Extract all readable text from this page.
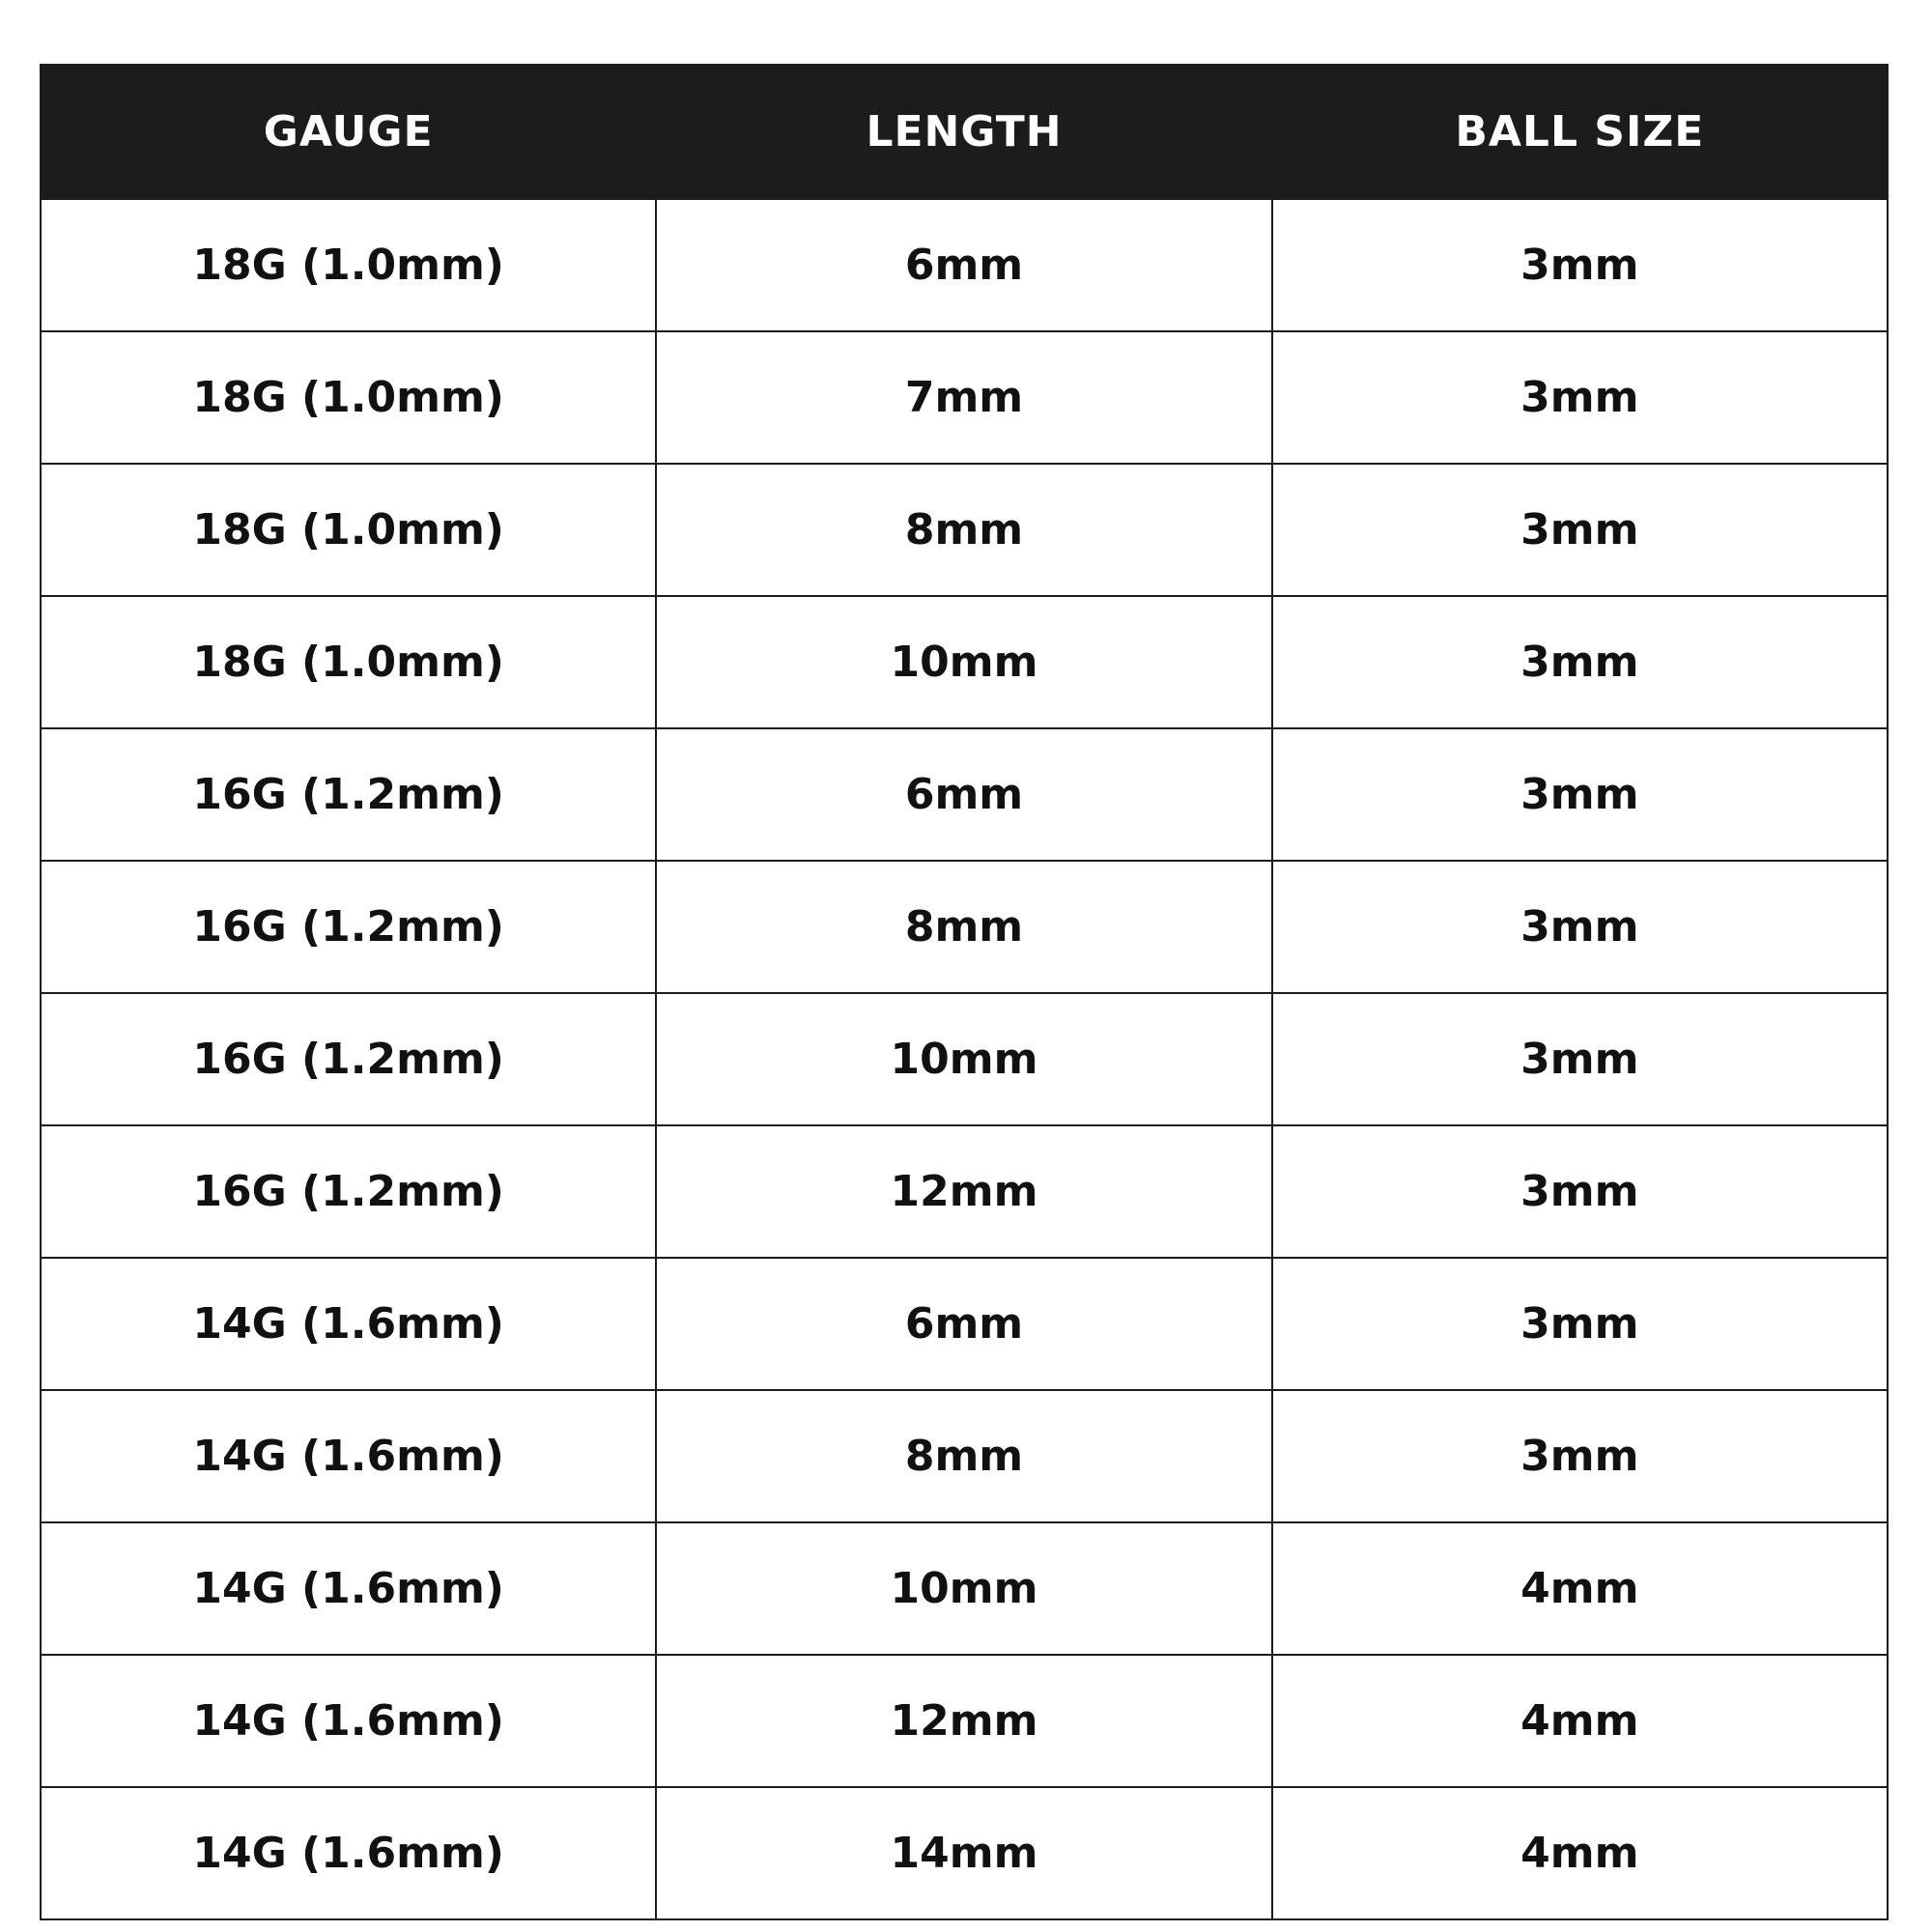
GAUGE	LENGTH	BALL SIZE
18G (1.0mm)	6mm	3mm
18G (1.0mm)	7mm	3mm
18G (1.0mm)	8mm	3mm
18G (1.0mm)	10mm	3mm
16G (1.2mm)	6mm	3mm
16G (1.2mm)	8mm	3mm
16G (1.2mm)	10mm	3mm
16G (1.2mm)	12mm	3mm
14G (1.6mm)	6mm	3mm
14G (1.6mm)	8mm	3mm
14G (1.6mm)	10mm	4mm
14G (1.6mm)	12mm	4mm
14G (1.6mm)	14mm	4mm
